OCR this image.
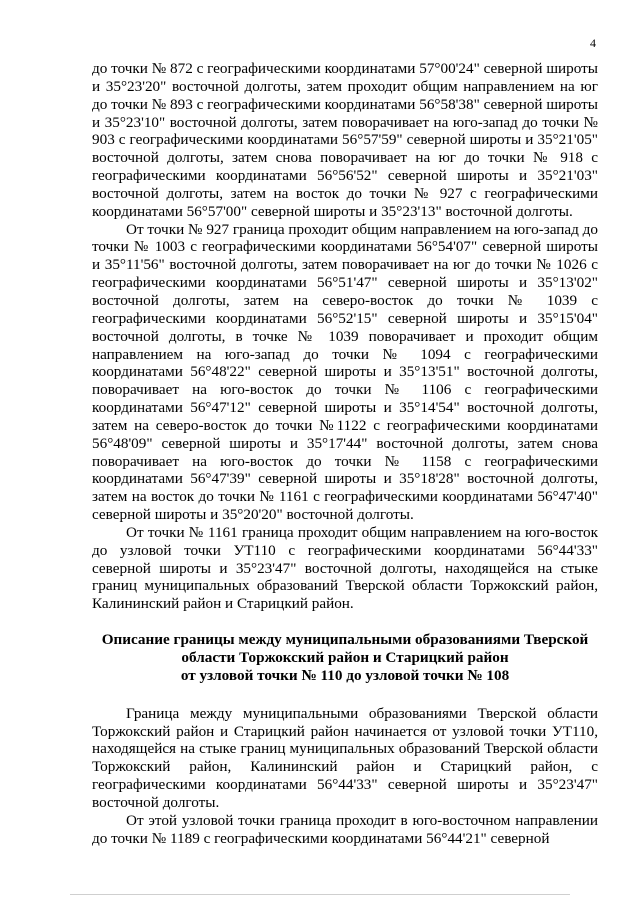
4

до точки № 872 с географическими координатами 57°00'24" северной широты и 35°23'20" восточной долготы, затем проходит общим направлением на юг до точки № 893 с географическими координатами 56°58'38" северной широты и 35°23'10" восточной долготы, затем поворачивает на юго-запад до точки № 903 с географическими координатами 56°57'59" северной широты и 35°21'05" восточной долготы, затем снова поворачивает на юг до точки № 918 с географическими координатами 56°56'52" северной широты и 35°21'03" восточной долготы, затем на восток до точки № 927 с географическими координатами 56°57'00" северной широты и 35°23'13" восточной долготы.

От точки № 927 граница проходит общим направлением на юго-запад до точки № 1003 с географическими координатами 56°54'07" северной широты и 35°11'56" восточной долготы, затем поворачивает на юг до точки № 1026 с географическими координатами 56°51'47" северной широты и 35°13'02" восточной долготы, затем на северо-восток до точки № 1039 с географическими координатами 56°52'15" северной широты и 35°15'04" восточной долготы, в точке № 1039 поворачивает и проходит общим направлением на юго-запад до точки № 1094 с географическими координатами 56°48'22" северной широты и 35°13'51" восточной долготы, поворачивает на юго-восток до точки № 1106 с географическими координатами 56°47'12" северной широты и 35°14'54" восточной долготы, затем на северо-восток до точки №1122 с географическими координатами 56°48'09" северной широты и 35°17'44" восточной долготы, затем снова поворачивает на юго-восток до точки № 1158 с географическими координатами 56°47'39" северной широты и 35°18'28" восточной долготы, затем на восток до точки № 1161 с географическими координатами 56°47'40" северной широты и 35°20'20" восточной долготы.

От точки № 1161 граница проходит общим направлением на юго-восток до узловой точки УТ110 с географическими координатами 56°44'33" северной широты и 35°23'47" восточной долготы, находящейся на стыке границ муниципальных образований Тверской области Торжокский район, Калининский район и Старицкий район.

Описание границы между муниципальными образованиями Тверской
области Торжокский район и Старицкий район
от узловой точки № 110 до узловой точки № 108

Граница между муниципальными образованиями Тверской области Торжокский район и Старицкий район начинается от узловой точки УТ110, находящейся на стыке границ муниципальных образований Тверской области Торжокский район, Калининский район и Старицкий район, с географическими координатами 56°44'33" северной широты и 35°23'47" восточной долготы.

От этой узловой точки граница проходит в юго-восточном направлении до точки № 1189 с географическими координатами 56°44'21" северной
